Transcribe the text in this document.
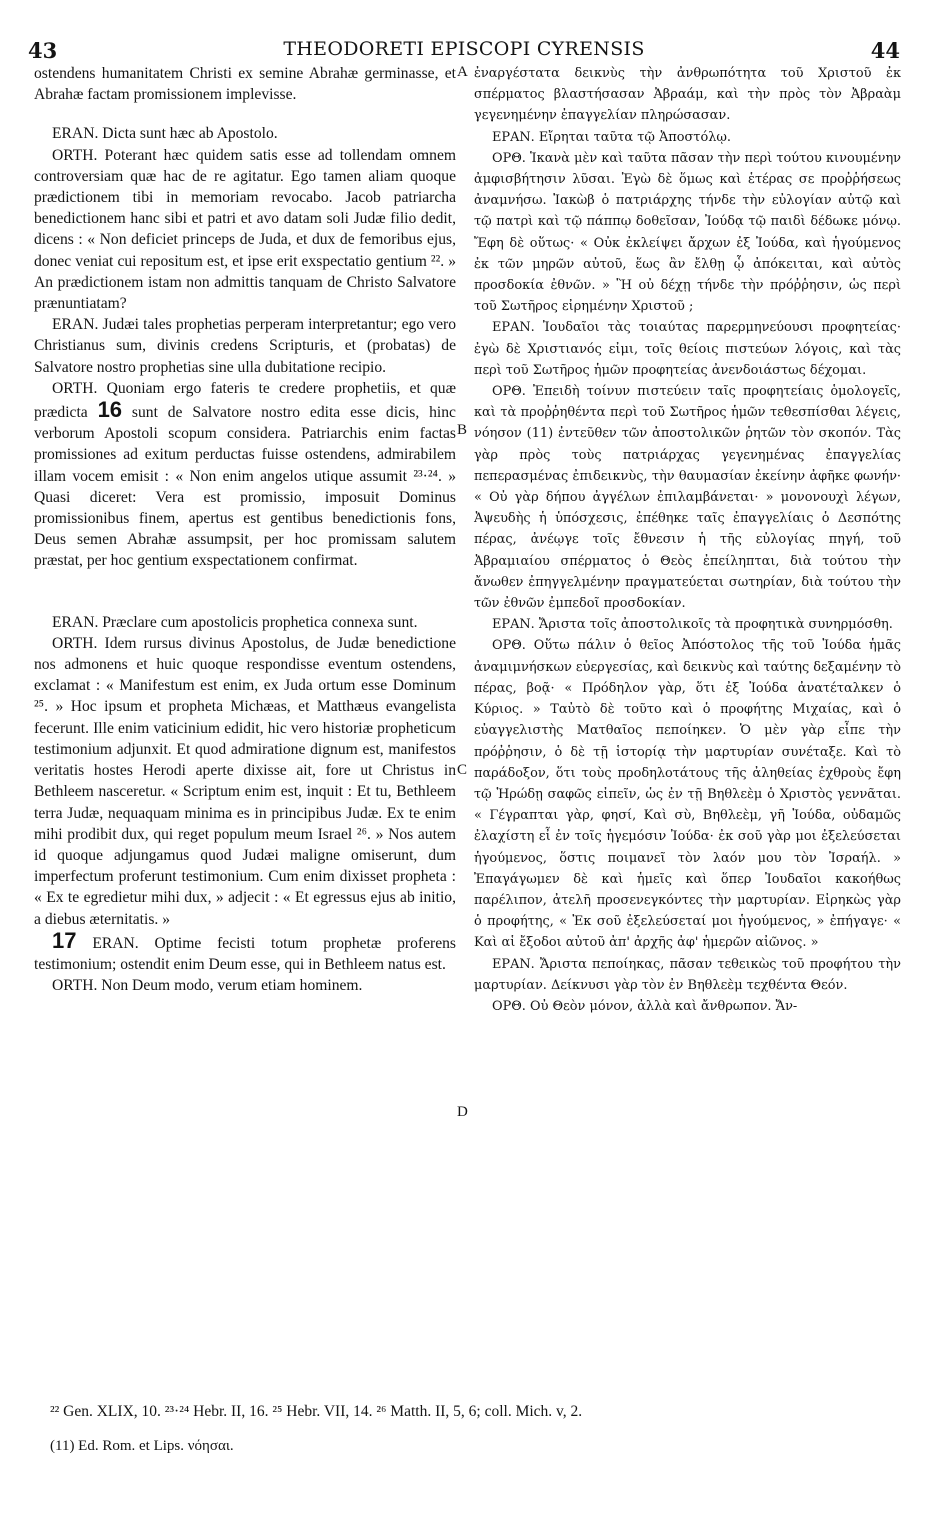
43	THEODORETI EPISCOPI CYRENSIS	44
A
B
C
D

ostendens humanitatem Christi ex semine Abrahæ germinasse, et Abrahæ factam promissionem implevisse.

ERAN. Dicta sunt hæc ab Apostolo.

ORTH. Poterant hæc quidem satis esse ad tollendam omnem controversiam quæ hac de re agitatur. Ego tamen aliam quoque prædictionem tibi in memoriam revocabo. Jacob patriarcha benedictionem hanc sibi et patri et avo datam soli Judæ filio dedit, dicens : « Non deficiet princeps de Juda, et dux de femoribus ejus, donec veniat cui repositum est, et ipse erit exspectatio gentium ²². » An prædictionem istam non admittis tanquam de Christo Salvatore prænuntiatam?

ERAN. Judæi tales prophetias perperam interpretantur; ego vero Christianus sum, divinis credens Scripturis, et (probatas) de Salvatore nostro prophetias sine ulla dubitatione recipio.

ORTH. Quoniam ergo fateris te credere prophetiis, et quæ prædicta 16 sunt de Salvatore nostro edita esse dicis, hinc verborum Apostoli scopum considera. Patriarchis enim factas promissiones ad exitum perductas fuisse ostendens, admirabilem illam vocem emisit : « Non enim angelos utique assumit ²³·²⁴. » Quasi diceret: Vera est promissio, imposuit Dominus promissionibus finem, apertus est gentibus benedictionis fons, Deus semen Abrahæ assumpsit, per hoc promissam salutem præstat, per hoc gentium exspectationem confirmat.

ERAN. Præclare cum apostolicis prophetica connexa sunt.

ORTH. Idem rursus divinus Apostolus, de Judæ benedictione nos admonens et huic quoque respondisse eventum ostendens, exclamat : « Manifestum est enim, ex Juda ortum esse Dominum ²⁵. » Hoc ipsum et propheta Michæas, et Matthæus evangelista fecerunt. Ille enim vaticinium edidit, hic vero historiæ propheticum testimonium adjunxit. Et quod admiratione dignum est, manifestos veritatis hostes Herodi aperte dixisse ait, fore ut Christus in Bethleem nasceretur. « Scriptum enim est, inquit : Et tu, Bethleem terra Judæ, nequaquam minima es in principibus Judæ. Ex te enim mihi prodibit dux, qui reget populum meum Israel ²⁶. » Nos autem id quoque adjungamus quod Judæi maligne omiserunt, dum imperfectum proferunt testimonium. Cum enim dixisset propheta : « Ex te egredietur mihi dux, » adjecit : « Et egressus ejus ab initio, a diebus æternitatis. »

17 ERAN. Optime fecisti totum prophetæ proferens testimonium; ostendit enim Deum esse, qui in Bethleem natus est.

ORTH. Non Deum modo, verum etiam hominem.

ἐναργέστατα δεικνὺς τὴν ἀνθρωπότητα τοῦ Χριστοῦ ἐκ σπέρματος βλαστήσασαν Ἀβραάμ, καὶ τὴν πρὸς τὸν Ἀβραὰμ γεγενημένην ἐπαγγελίαν πληρώσασαν.

ΕΡΑΝ. Εἴρηται ταῦτα τῷ Ἀποστόλῳ.

ΟΡΘ. Ἱκανὰ μὲν καὶ ταῦτα πᾶσαν τὴν περὶ τούτου κινουμένην ἀμφισβήτησιν λῦσαι. Ἐγὼ δὲ ὅμως καὶ ἑτέρας σε προῤῥήσεως ἀναμνήσω. Ἰακὼβ ὁ πατριάρχης τήνδε τὴν εὐλογίαν αὐτῷ καὶ τῷ πατρὶ καὶ τῷ πάππῳ δοθεῖσαν, Ἰούδᾳ τῷ παιδὶ δέδωκε μόνῳ. Ἔφη δὲ οὕτως· « Οὐκ ἐκλείψει ἄρχων ἐξ Ἰούδα, καὶ ἡγούμενος ἐκ τῶν μηρῶν αὐτοῦ, ἕως ἂν ἔλθῃ ᾧ ἀπόκειται, καὶ αὐτὸς προσδοκία ἐθνῶν. » Ἢ οὐ δέχῃ τήνδε τὴν πρόῤῥησιν, ὡς περὶ τοῦ Σωτῆρος εἰρημένην Χριστοῦ ;

ΕΡΑΝ. Ἰουδαῖοι τὰς τοιαύτας παρερμηνεύουσι προφητείας· ἐγὼ δὲ Χριστιανός εἰμι, τοῖς θείοις πιστεύων λόγοις, καὶ τὰς περὶ τοῦ Σωτῆρος ἡμῶν προφητείας ἀνενδοιάστως δέχομαι.

ΟΡΘ. Ἐπειδὴ τοίνυν πιστεύειν ταῖς προφητείαις ὁμολογεῖς, καὶ τὰ προῤῥηθέντα περὶ τοῦ Σωτῆρος ἡμῶν τεθεσπίσθαι λέγεις, νόησον (11) ἐντεῦθεν τῶν ἀποστολικῶν ῥητῶν τὸν σκοπόν. Τὰς γὰρ πρὸς τοὺς πατριάρχας γεγενημένας ἐπαγγελίας πεπερασμένας ἐπιδεικνὺς, τὴν θαυμασίαν ἐκείνην ἀφῆκε φωνήν· « Οὐ γὰρ δήπου ἀγγέλων ἐπιλαμβάνεται· » μονονουχὶ λέγων, Ἀψευδὴς ἡ ὑπόσχεσις, ἐπέθηκε ταῖς ἐπαγγελίαις ὁ Δεσπότης πέρας, ἀνέῳγε τοῖς ἔθνεσιν ἡ τῆς εὐλογίας πηγή, τοῦ Ἀβραμιαίου σπέρματος ὁ Θεὸς ἐπείληπται, διὰ τούτου τὴν ἄνωθεν ἐπηγγελμένην πραγματεύεται σωτηρίαν, διὰ τούτου τὴν τῶν ἐθνῶν ἐμπεδοῖ προσδοκίαν.

ΕΡΑΝ. Ἄριστα τοῖς ἀποστολικοῖς τὰ προφητικὰ συνηρμόσθη.

ΟΡΘ. Οὕτω πάλιν ὁ θεῖος Ἀπόστολος τῆς τοῦ Ἰούδα ἡμᾶς ἀναμιμνήσκων εὐεργεσίας, καὶ δεικνὺς καὶ ταύτης δεξαμένην τὸ πέρας, βοᾷ· « Πρόδηλον γὰρ, ὅτι ἐξ Ἰούδα ἀνατέταλκεν ὁ Κύριος. » Ταὐτὸ δὲ τοῦτο καὶ ὁ προφήτης Μιχαίας, καὶ ὁ εὐαγγελιστὴς Ματθαῖος πεποίηκεν. Ὁ μὲν γὰρ εἶπε τὴν πρόῤῥησιν, ὁ δὲ τῇ ἱστορίᾳ τὴν μαρτυρίαν συνέταξε. Καὶ τὸ παράδοξον, ὅτι τοὺς προδηλοτάτους τῆς ἀληθείας ἐχθροὺς ἔφη τῷ Ἡρώδῃ σαφῶς εἰπεῖν, ὡς ἐν τῇ Βηθλεὲμ ὁ Χριστὸς γεννᾶται. « Γέγραπται γὰρ, φησί, Καὶ σὺ, Βηθλεὲμ, γῆ Ἰούδα, οὐδαμῶς ἐλαχίστη εἶ ἐν τοῖς ἡγεμόσιν Ἰούδα· ἐκ σοῦ γὰρ μοι ἐξελεύσεται ἡγούμενος, ὅστις ποιμανεῖ τὸν λαόν μου τὸν Ἰσραήλ. » Ἐπαγάγωμεν δὲ καὶ ἡμεῖς καὶ ὅπερ Ἰουδαῖοι κακοήθως παρέλιπον, ἀτελῆ προσενεγκόντες τὴν μαρτυρίαν. Εἰρηκὼς γὰρ ὁ προφήτης, « Ἐκ σοῦ ἐξελεύσεταί μοι ἡγούμενος, » ἐπήγαγε· « Καὶ αἱ ἔξοδοι αὐτοῦ ἀπ' ἀρχῆς ἀφ' ἡμερῶν αἰῶνος. »

ΕΡΑΝ. Ἄριστα πεποίηκας, πᾶσαν τεθεικὼς τοῦ προφήτου τὴν μαρτυρίαν. Δείκνυσι γὰρ τὸν ἐν Βηθλεὲμ τεχθέντα Θεόν.

ΟΡΘ. Οὐ Θεὸν μόνον, ἀλλὰ καὶ ἄνθρωπον. Ἄν-

²² Gen. XLIX, 10. ²³·²⁴ Hebr. II, 16. ²⁵ Hebr. VII, 14. ²⁶ Matth. II, 5, 6; coll. Mich. v, 2.
(11) Ed. Rom. et Lips. νόησαι.
